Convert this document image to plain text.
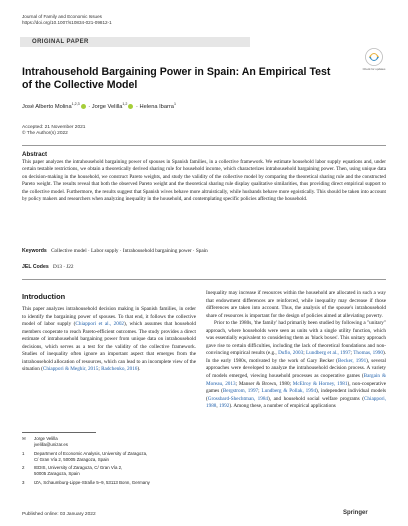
Journal of Family and Economic Issues
https://doi.org/10.1007/s10834-021-09812-1
ORIGINAL PAPER
Check for updates
Intrahousehold Bargaining Power in Spain: An Empirical Test of the Collective Model
José Alberto Molina$^{1,2,3}$ · Jorge Velilla$^{1,2}$ · Helena Ibarra$^1$
Accepted: 21 November 2021
© The Author(s) 2022
Abstract
This paper analyzes the intrahousehold bargaining power of spouses in Spanish families, in a collective framework. We estimate household labor supply equations and, under certain testable restrictions, we obtain a theoretically derived sharing rule for household income, which characterizes intrahousehold bargaining power. Then, using unique data on decision-making in the household, we construct Pareto weights, and study the validity of the collective model by comparing the theoretical sharing rule and the constructed Pareto weight. The results reveal that both the observed Pareto weight and the theoretical sharing rule display qualitative similarities, thus providing direct empirical support to the collective model. Furthermore, the results suggest that Spanish wives behave more altruistically, while husbands behave more egoistically. This should be taken into account by policy makers and researchers when analyzing inequality in the household, and contemplating specific policies affecting the household.
Keywords Collective model · Labor supply · Intrahousehold bargaining power · Spain
JEL Codes D13 · J22
Introduction

This paper analyzes intrahousehold decision making in Spanish families, in order to identify the bargaining power of spouses. To that end, it follows the collective model of labor supply (Chiappori et al., 2002), which assumes that household members cooperate to reach Pareto-efficient outcomes. The study provides a direct estimate of intrahousehold bargaining power from unique data on intrahousehold decisions, which serves as a test for the validity of the collective framework. Studies of inequality often ignore an important aspect that emerges from the intrahousehold allocation of resources, which can lead to an incomplete view of the situation (Chiappori & Meghir, 2015; Radchenko, 2016).

Inequality may increase if resources within the household are allocated in such a way that endowment differences are reinforced, while inequality may decrease if those differences are taken into account. Thus, the analysis of the spouse's intrahousehold share of resources is important for the design of policies aimed at alleviating poverty.

Prior to the 1980s, 'the family' had primarily been studied by following a "unitary" approach, where households were seen as units with a single utility function, which was essentially equivalent to considering them as 'black boxes'. This unitary approach gave rise to certain difficulties, including the lack of theoretical foundations and non-convincing empirical results (e.g., Duflo, 2003; Lundberg et al., 1997; Thomas, 1990). In the early 1980s, motivated by the work of Gary Becker (Becker, 1991), several approaches were developed to analyze the intrahousehold decision process. A variety of models emerged, viewing household processes as cooperative games (Bargain & Moreau, 2013; Manser & Brown, 1980; McElroy & Horney, 1981), non-cooperative games (Bergstrom, 1997; Lundberg & Pollak, 1994), independent individual models (Grossbard-Shechtman, 1984), and household social welfare programs (Chiappori, 1988, 1992). Among these, a number of empirical applications

✉ Jorge Velilla
jvelilla@unizar.es
1 Department of Economic Analysis, University of Zaragoza,
C/ Gran Vía 2, 50005 Zaragoza, Spain
2 IEDIS, University of Zaragoza, C/ Gran Vía 2,
50005 Zaragoza, Spain
3 IZA, Schaumburg-Lippe-Straße 5–9, 53113 Bonn, Germany
Published online: 03 January 2022	Springer
